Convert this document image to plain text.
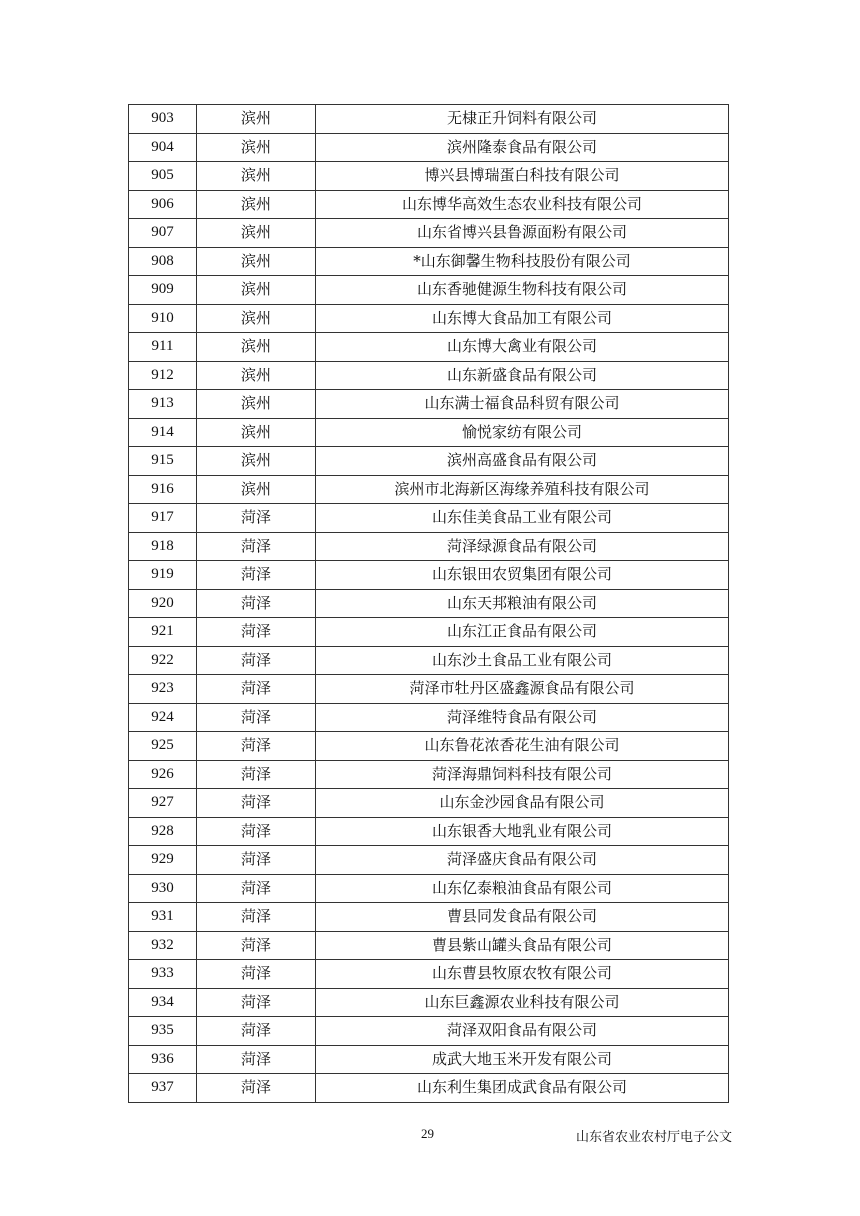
903	滨州	无棣正升饲料有限公司
904	滨州	滨州隆泰食品有限公司
905	滨州	博兴县博瑞蛋白科技有限公司
906	滨州	山东博华高效生态农业科技有限公司
907	滨州	山东省博兴县鲁源面粉有限公司
908	滨州	*山东御馨生物科技股份有限公司
909	滨州	山东香驰健源生物科技有限公司
910	滨州	山东博大食品加工有限公司
911	滨州	山东博大禽业有限公司
912	滨州	山东新盛食品有限公司
913	滨州	山东满士福食品科贸有限公司
914	滨州	愉悦家纺有限公司
915	滨州	滨州高盛食品有限公司
916	滨州	滨州市北海新区海缘养殖科技有限公司
917	菏泽	山东佳美食品工业有限公司
918	菏泽	菏泽绿源食品有限公司
919	菏泽	山东银田农贸集团有限公司
920	菏泽	山东天邦粮油有限公司
921	菏泽	山东江正食品有限公司
922	菏泽	山东沙土食品工业有限公司
923	菏泽	菏泽市牡丹区盛鑫源食品有限公司
924	菏泽	菏泽维特食品有限公司
925	菏泽	山东鲁花浓香花生油有限公司
926	菏泽	菏泽海鼎饲料科技有限公司
927	菏泽	山东金沙园食品有限公司
928	菏泽	山东银香大地乳业有限公司
929	菏泽	菏泽盛庆食品有限公司
930	菏泽	山东亿泰粮油食品有限公司
931	菏泽	曹县同发食品有限公司
932	菏泽	曹县紫山罐头食品有限公司
933	菏泽	山东曹县牧原农牧有限公司
934	菏泽	山东巨鑫源农业科技有限公司
935	菏泽	菏泽双阳食品有限公司
936	菏泽	成武大地玉米开发有限公司
937	菏泽	山东利生集团成武食品有限公司
29	山东省农业农村厅电子公文
